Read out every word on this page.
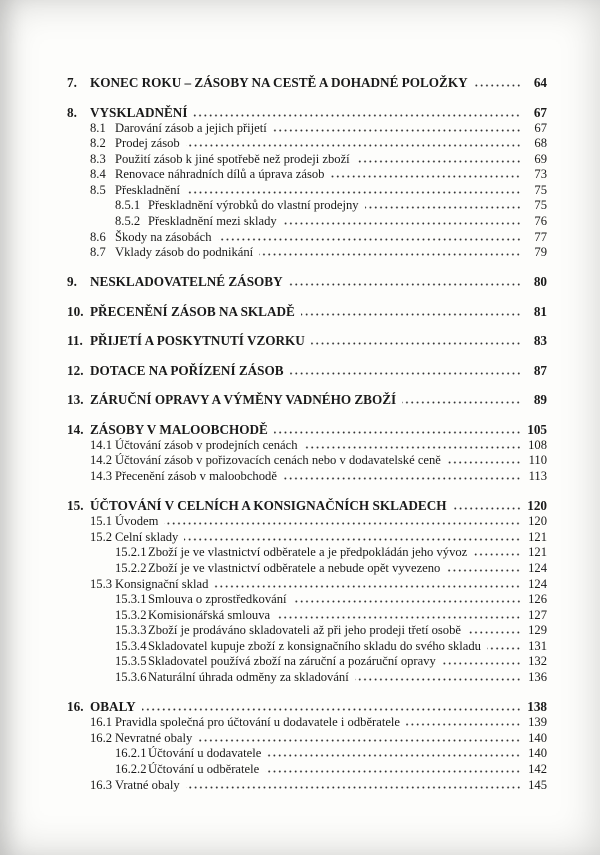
7. KONEC ROKU – ZÁSOBY NA CESTĚ A DOHADNÉ POLOŽKY	64
8. VYSKLADNĚNÍ	67
8.1 Darování zásob a jejich přijetí	67
8.2 Prodej zásob	68
8.3 Použití zásob k jiné spotřebě než prodeji zboží	69
8.4 Renovace náhradních dílů a úprava zásob	73
8.5 Přeskladnění	75
8.5.1 Přeskladnění výrobků do vlastní prodejny	75
8.5.2 Přeskladnění mezi sklady	76
8.6 Škody na zásobách	77
8.7 Vklady zásob do podnikání	79
9. NESKLADOVATELNÉ ZÁSOBY	80
10. PŘECENĚNÍ ZÁSOB NA SKLADĚ	81
11. PŘIJETÍ A POSKYTNUTÍ VZORKU	83
12. DOTACE NA POŘÍZENÍ ZÁSOB	87
13. ZÁRUČNÍ OPRAVY A VÝMĚNY VADNÉHO ZBOŽÍ	89
14. ZÁSOBY V MALOOBCHODĚ	105
14.1 Účtování zásob v prodejních cenách	108
14.2 Účtování zásob v pořizovacích cenách nebo v dodavatelské ceně	110
14.3 Přecenění zásob v maloobchodě	113
15. ÚČTOVÁNÍ V CELNÍCH A KONSIGNAČNÍCH SKLADECH	120
15.1 Úvodem	120
15.2 Celní sklady	121
15.2.1 Zboží je ve vlastnictví odběratele a je předpokládán jeho vývoz	121
15.2.2 Zboží je ve vlastnictví odběratele a nebude opět vyvezeno	124
15.3 Konsignační sklad	124
15.3.1 Smlouva o zprostředkování	126
15.3.2 Komisionářská smlouva	127
15.3.3 Zboží je prodáváno skladovateli až při jeho prodeji třetí osobě	129
15.3.4 Skladovatel kupuje zboží z konsignačního skladu do svého skladu	131
15.3.5 Skladovatel používá zboží na záruční a pozáruční opravy	132
15.3.6 Naturální úhrada odměny za skladování	136
16. OBALY	138
16.1 Pravidla společná pro účtování u dodavatele i odběratele	139
16.2 Nevratné obaly	140
16.2.1 Účtování u dodavatele	140
16.2.2 Účtování u odběratele	142
16.3 Vratné obaly	145
